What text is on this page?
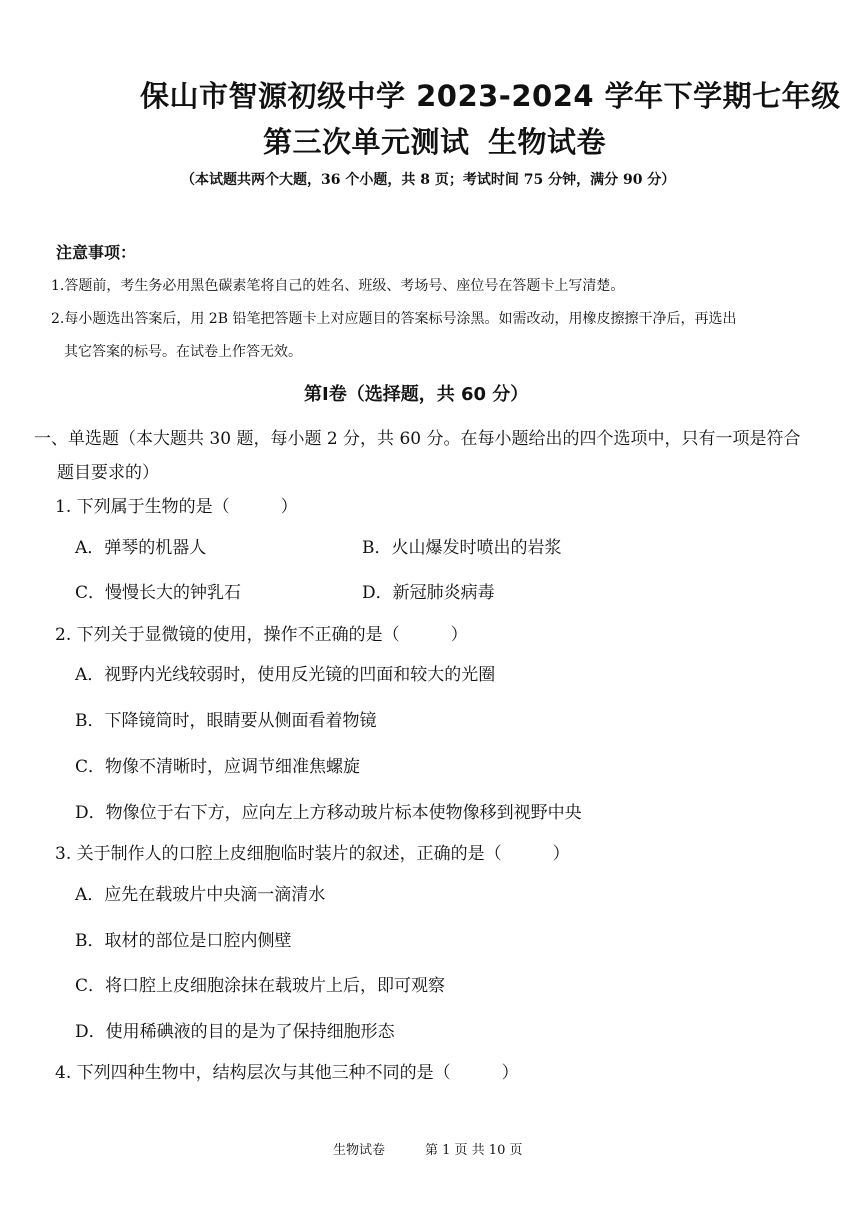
保山市智源初级中学 2023-2024 学年下学期七年级
第三次单元测试 生物试卷
（本试题共两个大题，36 个小题，共 8 页；考试时间 75 分钟，满分 90 分）
注意事项：
1.答题前，考生务必用黑色碳素笔将自己的姓名、班级、考场号、座位号在答题卡上写清楚。
2.每小题选出答案后，用 2B 铅笔把答题卡上对应题目的答案标号涂黑。如需改动，用橡皮擦擦干净后，再选出
其它答案的标号。在试卷上作答无效。
第Ⅰ卷（选择题，共 60 分）
一、单选题（本大题共 30 题，每小题 2 分，共 60 分。在每小题给出的四个选项中，只有一项是符合
题目要求的）
1. 下列属于生物的是（　　　）
A．弹琴的机器人	B．火山爆发时喷出的岩浆
C．慢慢长大的钟乳石	D．新冠肺炎病毒
2. 下列关于显微镜的使用，操作不正确的是（　　　）
A．视野内光线较弱时，使用反光镜的凹面和较大的光圈
B．下降镜筒时，眼睛要从侧面看着物镜
C．物像不清晰时，应调节细准焦螺旋
D．物像位于右下方，应向左上方移动玻片标本使物像移到视野中央
3. 关于制作人的口腔上皮细胞临时装片的叙述，正确的是（　　　）
A．应先在载玻片中央滴一滴清水
B．取材的部位是口腔内侧壁
C．将口腔上皮细胞涂抹在载玻片上后，即可观察
D．使用稀碘液的目的是为了保持细胞形态
4. 下列四种生物中，结构层次与其他三种不同的是（　　　）
生物试卷	第 1 页 共 10 页
